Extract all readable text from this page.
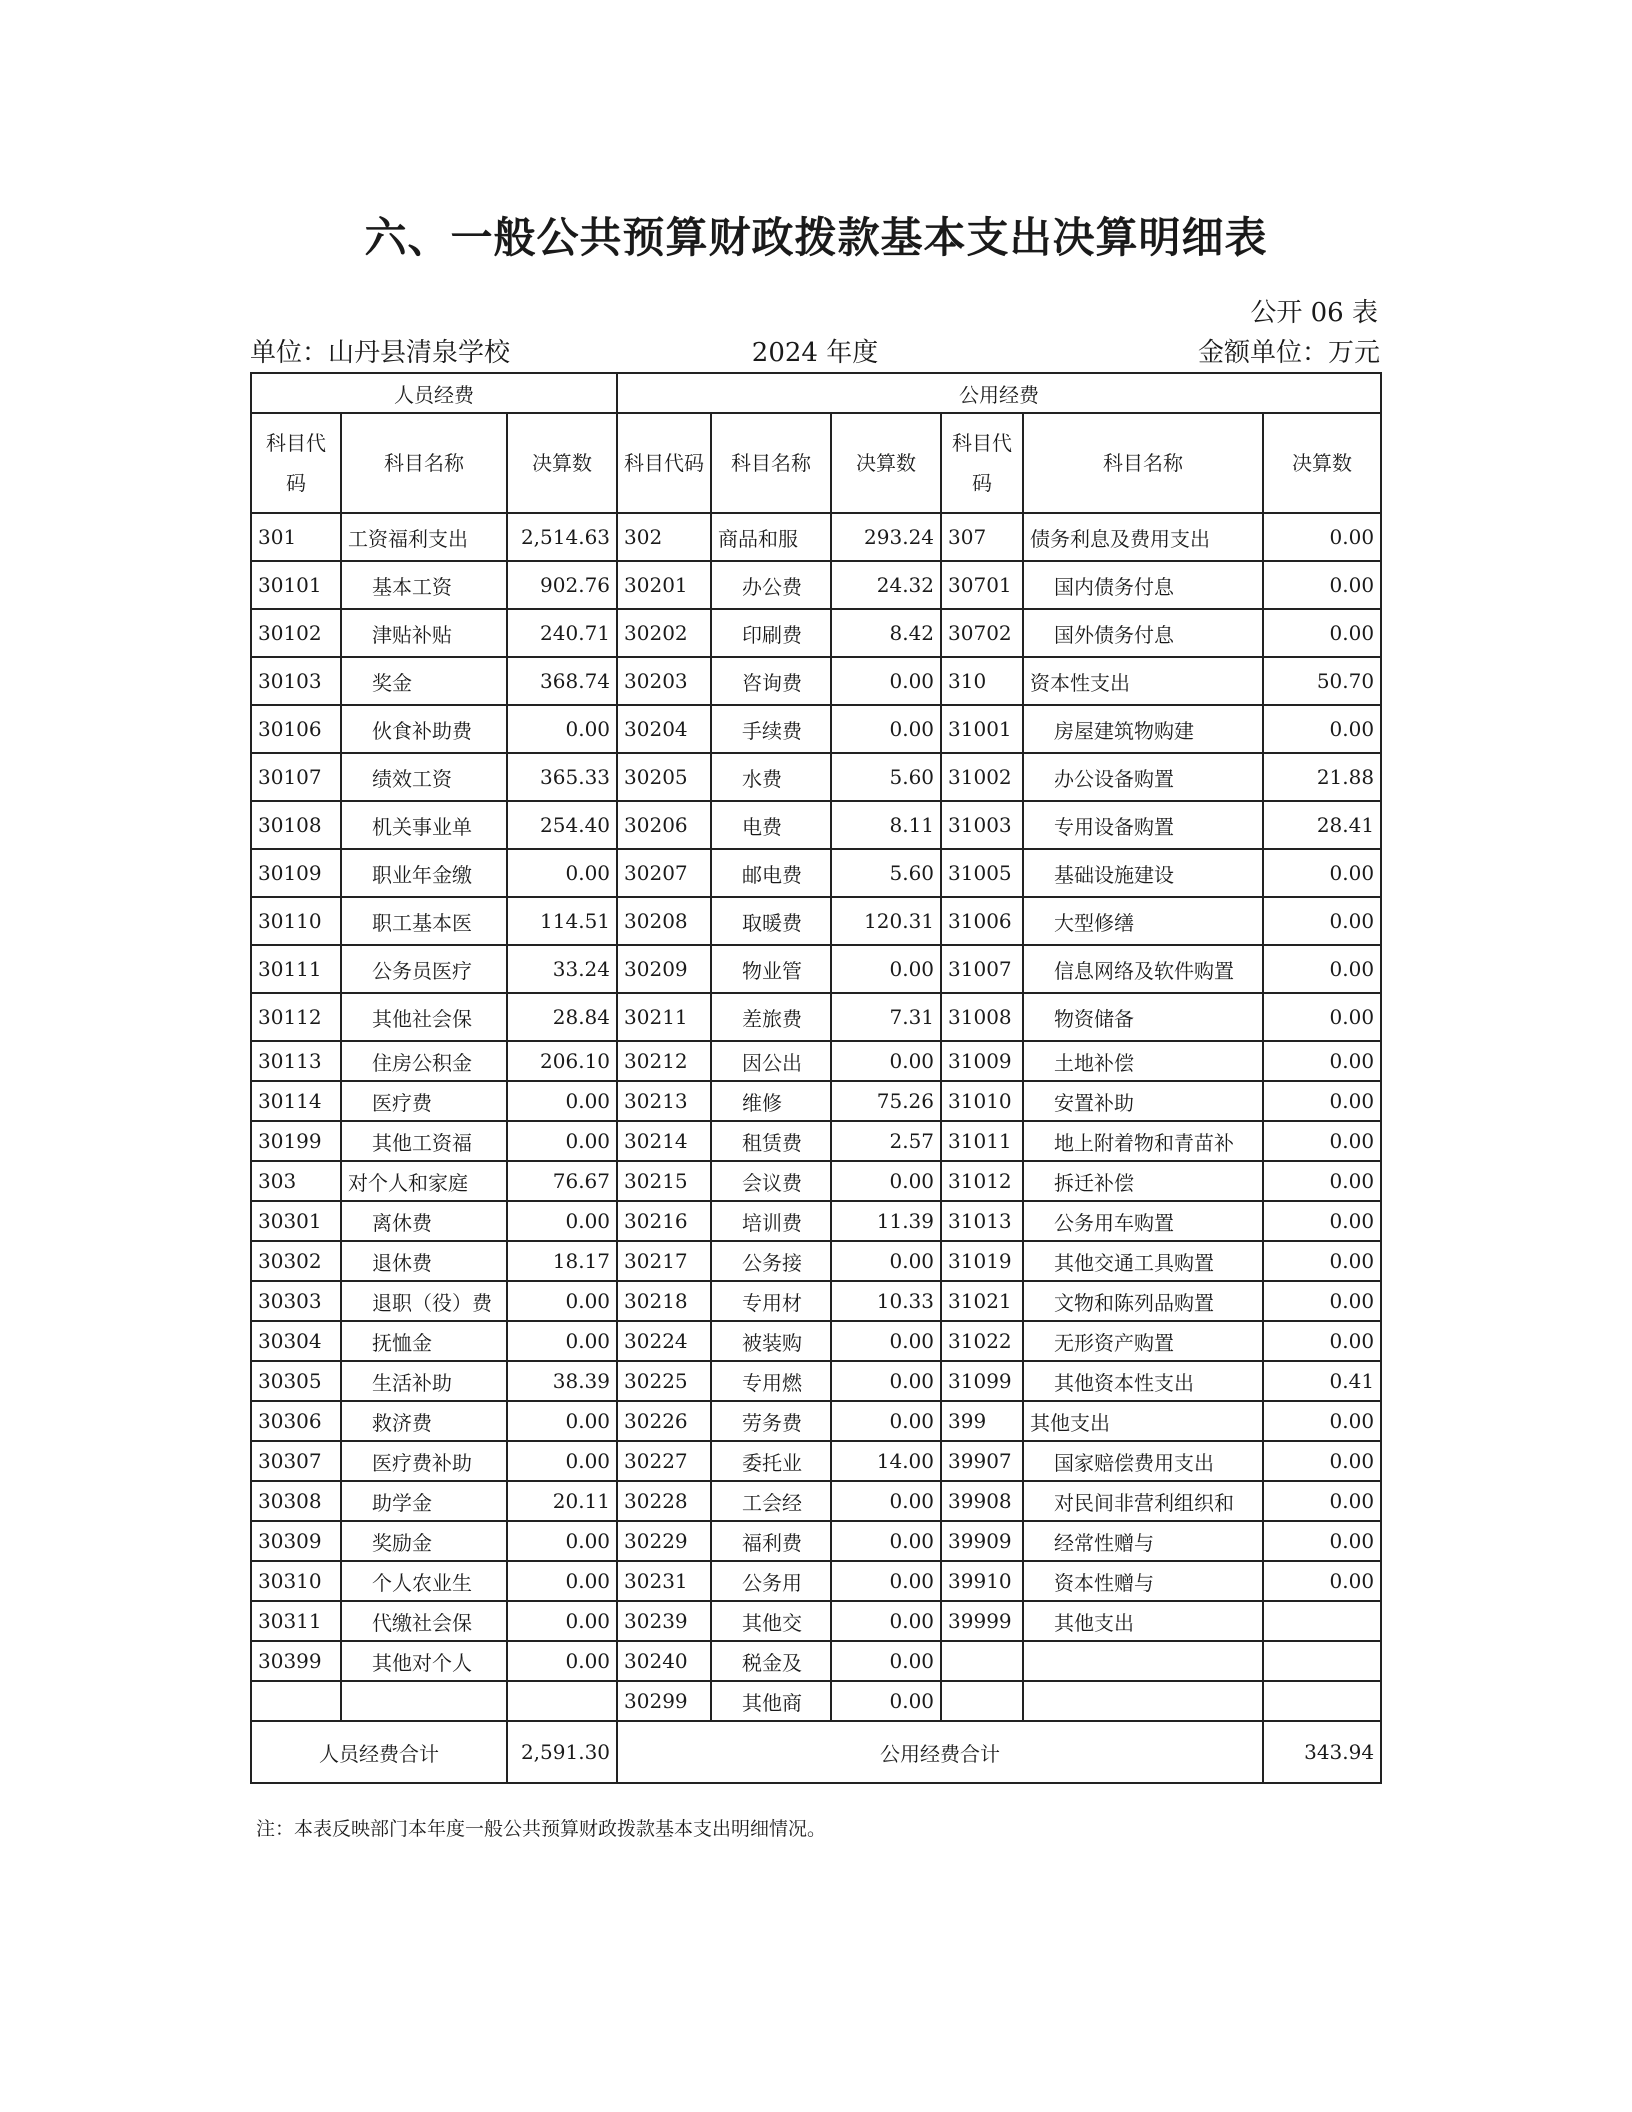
六、一般公共预算财政拨款基本支出决算明细表
公开 06 表
单位：山丹县清泉学校	2024 年度	金额单位：万元
人员经费			公用经费					
科目代码	科目名称	决算数	科目代码	科目名称	决算数	科目代码	科目名称	决算数
301	工资福利支出	2,514.63	302	商品和服	293.24	307	债务利息及费用支出	0.00
30101	基本工资	902.76	30201	办公费	24.32	30701	国内债务付息	0.00
30102	津贴补贴	240.71	30202	印刷费	8.42	30702	国外债务付息	0.00
30103	奖金	368.74	30203	咨询费	0.00	310	资本性支出	50.70
30106	伙食补助费	0.00	30204	手续费	0.00	31001	房屋建筑物购建	0.00
30107	绩效工资	365.33	30205	水费	5.60	31002	办公设备购置	21.88
30108	机关事业单	254.40	30206	电费	8.11	31003	专用设备购置	28.41
30109	职业年金缴	0.00	30207	邮电费	5.60	31005	基础设施建设	0.00
30110	职工基本医	114.51	30208	取暖费	120.31	31006	大型修缮	0.00
30111	公务员医疗	33.24	30209	物业管	0.00	31007	信息网络及软件购置	0.00
30112	其他社会保	28.84	30211	差旅费	7.31	31008	物资储备	0.00
30113	住房公积金	206.10	30212	因公出	0.00	31009	土地补偿	0.00
30114	医疗费	0.00	30213	维修	75.26	31010	安置补助	0.00
30199	其他工资福	0.00	30214	租赁费	2.57	31011	地上附着物和青苗补	0.00
303	对个人和家庭	76.67	30215	会议费	0.00	31012	拆迁补偿	0.00
30301	离休费	0.00	30216	培训费	11.39	31013	公务用车购置	0.00
30302	退休费	18.17	30217	公务接	0.00	31019	其他交通工具购置	0.00
30303	退职（役）费	0.00	30218	专用材	10.33	31021	文物和陈列品购置	0.00
30304	抚恤金	0.00	30224	被装购	0.00	31022	无形资产购置	0.00
30305	生活补助	38.39	30225	专用燃	0.00	31099	其他资本性支出	0.41
30306	救济费	0.00	30226	劳务费	0.00	399	其他支出	0.00
30307	医疗费补助	0.00	30227	委托业	14.00	39907	国家赔偿费用支出	0.00
30308	助学金	20.11	30228	工会经	0.00	39908	对民间非营利组织和	0.00
30309	奖励金	0.00	30229	福利费	0.00	39909	经常性赠与	0.00
30310	个人农业生	0.00	30231	公务用	0.00	39910	资本性赠与	0.00
30311	代缴社会保	0.00	30239	其他交	0.00	39999	其他支出	
30399	其他对个人	0.00	30240	税金及	0.00			
			30299	其他商	0.00			
人员经费合计		2,591.30	公用经费合计					343.94
注：本表反映部门本年度一般公共预算财政拨款基本支出明细情况。
